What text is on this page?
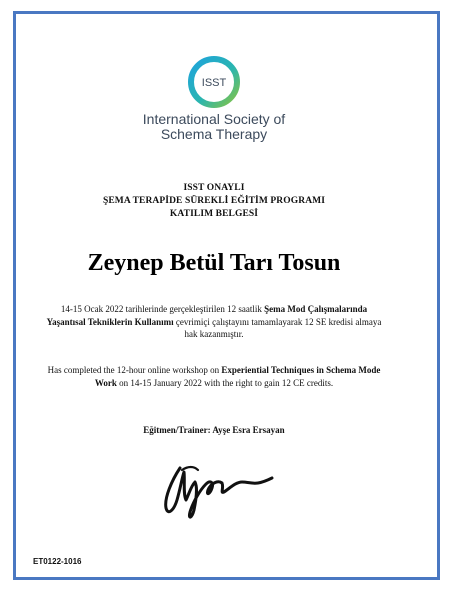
ISST
International Society of
Schema Therapy
ISST ONAYLI
ŞEMA TERAPİDE SÜREKLİ EĞİTİM PROGRAMI
KATILIM BELGESİ
Zeynep Betül Tarı Tosun
14-15 Ocak 2022 tarihlerinde gerçekleştirilen 12 saatlik Şema Mod Çalışmalarında Yaşantısal Tekniklerin Kullanımı çevrimiçi çalıştayını tamamlayarak 12 SE kredisi almaya hak kazanmıştır.
Has completed the 12-hour online workshop on Experiential Techniques in Schema Mode Work on 14-15 January 2022 with the right to gain 12 CE credits.
Eğitmen/Trainer: Ayşe Esra Ersayan
ET0122-1016
